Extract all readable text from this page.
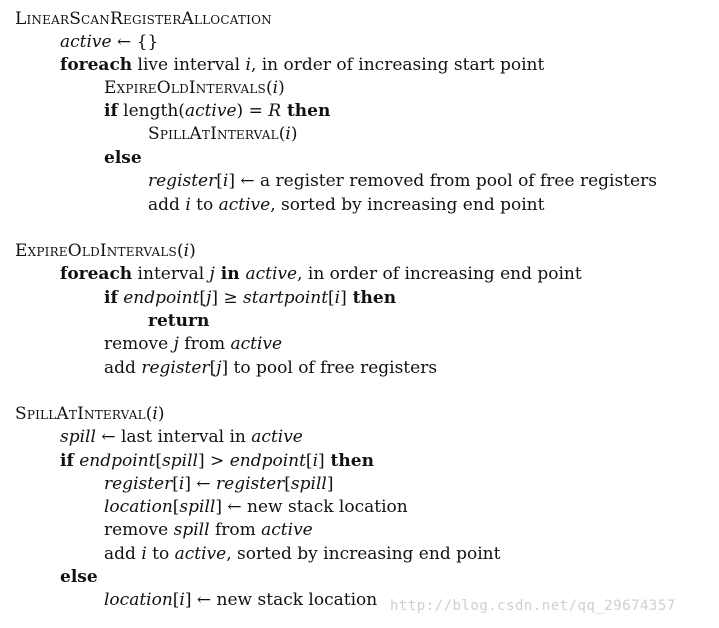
LinearScanRegisterAllocation
active ← {}
foreach live interval i, in order of increasing start point
ExpireOldIntervals(i)
if length(active) = R then
SpillAtInterval(i)
else
register[i] ← a register removed from pool of free registers
add i to active, sorted by increasing end point
ExpireOldIntervals(i)
foreach interval j in active, in order of increasing end point
if endpoint[j] ≥ startpoint[i] then
return
remove j from active
add register[j] to pool of free registers
SpillAtInterval(i)
spill ← last interval in active
if endpoint[spill] > endpoint[i] then
register[i] ← register[spill]
location[spill] ← new stack location
remove spill from active
add i to active, sorted by increasing end point
else
location[i] ← new stack location http://blog.csdn.net/qq_29674357
